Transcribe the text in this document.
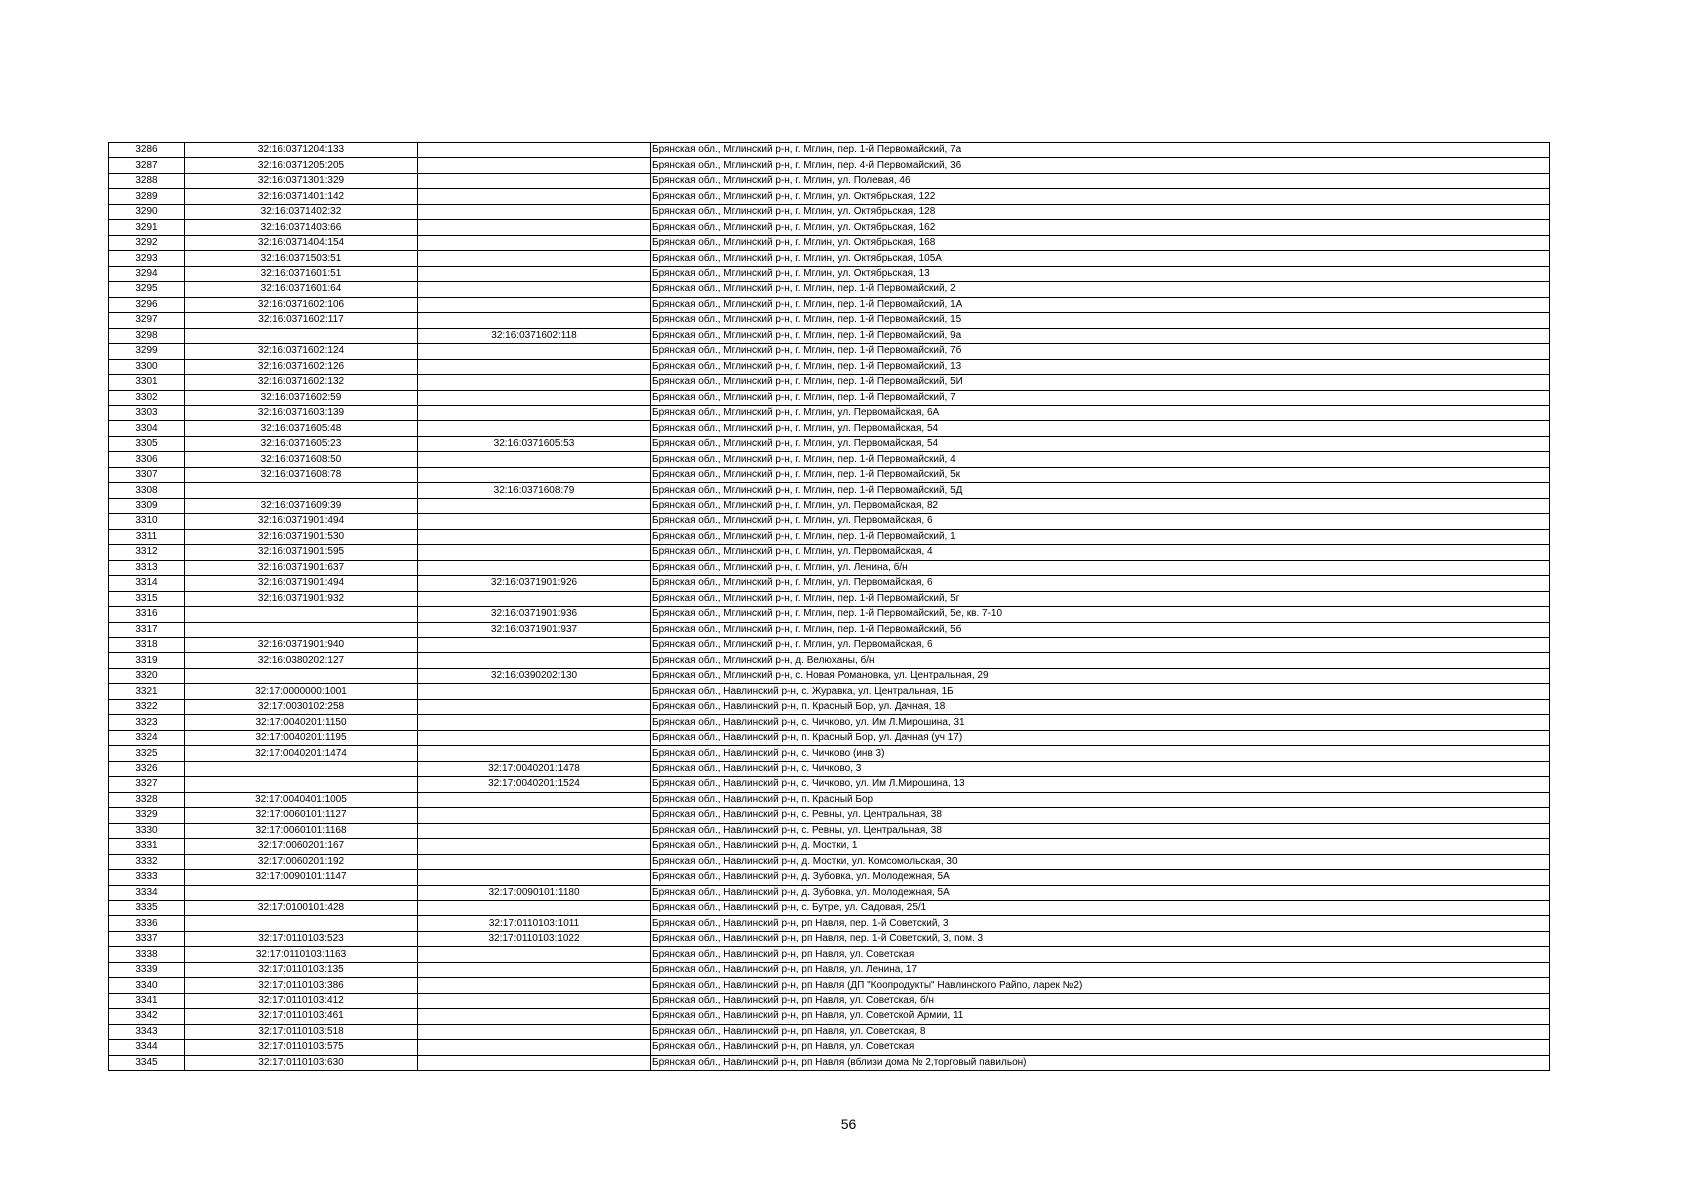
3286	32:16:0371204:133		Брянская обл., Мглинский р-н, г. Мглин, пер. 1-й Первомайский, 7а
3287	32:16:0371205:205		Брянская обл., Мглинский р-н, г. Мглин, пер. 4-й Первомайский, 36
3288	32:16:0371301:329		Брянская обл., Мглинский р-н, г. Мглин, ул. Полевая, 46
3289	32:16:0371401:142		Брянская обл., Мглинский р-н, г. Мглин, ул. Октябрьская, 122
3290	32:16:0371402:32		Брянская обл., Мглинский р-н, г. Мглин, ул. Октябрьская, 128
3291	32:16:0371403:66		Брянская обл., Мглинский р-н, г. Мглин, ул. Октябрьская, 162
3292	32:16:0371404:154		Брянская обл., Мглинский р-н, г. Мглин, ул. Октябрьская, 168
3293	32:16:0371503:51		Брянская обл., Мглинский р-н, г. Мглин, ул. Октябрьская, 105А
3294	32:16:0371601:51		Брянская обл., Мглинский р-н, г. Мглин, ул. Октябрьская, 13
3295	32:16:0371601:64		Брянская обл., Мглинский р-н, г. Мглин, пер. 1-й Первомайский, 2
3296	32:16:0371602:106		Брянская обл., Мглинский р-н, г. Мглин, пер. 1-й Первомайский, 1А
3297	32:16:0371602:117		Брянская обл., Мглинский р-н, г. Мглин, пер. 1-й Первомайский, 15
3298		32:16:0371602:118	Брянская обл., Мглинский р-н, г. Мглин, пер. 1-й Первомайский, 9а
3299	32:16:0371602:124		Брянская обл., Мглинский р-н, г. Мглин, пер. 1-й Первомайский, 7б
3300	32:16:0371602:126		Брянская обл., Мглинский р-н, г. Мглин, пер. 1-й Первомайский, 13
3301	32:16:0371602:132		Брянская обл., Мглинский р-н, г. Мглин, пер. 1-й Первомайский, 5И
3302	32:16:0371602:59		Брянская обл., Мглинский р-н, г. Мглин, пер. 1-й Первомайский, 7
3303	32:16:0371603:139		Брянская обл., Мглинский р-н, г. Мглин, ул. Первомайская, 6А
3304	32:16:0371605:48		Брянская обл., Мглинский р-н, г. Мглин, ул. Первомайская, 54
3305	32:16:0371605:23	32:16:0371605:53	Брянская обл., Мглинский р-н, г. Мглин, ул. Первомайская, 54
3306	32:16:0371608:50		Брянская обл., Мглинский р-н, г. Мглин, пер. 1-й Первомайский, 4
3307	32:16:0371608:78		Брянская обл., Мглинский р-н, г. Мглин, пер. 1-й Первомайский, 5к
3308		32:16:0371608:79	Брянская обл., Мглинский р-н, г. Мглин, пер. 1-й Первомайский, 5Д
3309	32:16:0371609:39		Брянская обл., Мглинский р-н, г. Мглин, ул. Первомайская, 82
3310	32:16:0371901:494		Брянская обл., Мглинский р-н, г. Мглин, ул. Первомайская, 6
3311	32:16:0371901:530		Брянская обл., Мглинский р-н, г. Мглин, пер. 1-й Первомайский, 1
3312	32:16:0371901:595		Брянская обл., Мглинский р-н, г. Мглин, ул. Первомайская, 4
3313	32:16:0371901:637		Брянская обл., Мглинский р-н, г. Мглин, ул. Ленина, б/н
3314	32:16:0371901:494	32:16:0371901:926	Брянская обл., Мглинский р-н, г. Мглин, ул. Первомайская, 6
3315	32:16:0371901:932		Брянская обл., Мглинский р-н, г. Мглин, пер. 1-й Первомайский, 5г
3316		32:16:0371901:936	Брянская обл., Мглинский р-н, г. Мглин, пер. 1-й Первомайский, 5е, кв. 7-10
3317		32:16:0371901:937	Брянская обл., Мглинский р-н, г. Мглин, пер. 1-й Первомайский, 5б
3318	32:16:0371901:940		Брянская обл., Мглинский р-н, г. Мглин, ул. Первомайская, 6
3319	32:16:0380202:127		Брянская обл., Мглинский р-н, д. Велюханы, б/н
3320		32:16:0390202:130	Брянская обл., Мглинский р-н, с. Новая Романовка, ул. Центральная, 29
3321	32:17:0000000:1001		Брянская обл., Навлинский р-н, с. Журавка, ул. Центральная, 1Б
3322	32:17:0030102:258		Брянская обл., Навлинский р-н, п. Красный Бор, ул. Дачная, 18
3323	32:17:0040201:1150		Брянская обл., Навлинский р-н, с. Чичково, ул. Им Л.Мирошина, 31
3324	32:17:0040201:1195		Брянская обл., Навлинский р-н, п. Красный Бор, ул. Дачная (уч 17)
3325	32:17:0040201:1474		Брянская обл., Навлинский р-н, с. Чичково (инв 3)
3326		32:17:0040201:1478	Брянская обл., Навлинский р-н, с. Чичково, 3
3327		32:17:0040201:1524	Брянская обл., Навлинский р-н, с. Чичково, ул. Им Л.Мирошина, 13
3328	32:17:0040401:1005		Брянская обл., Навлинский р-н, п. Красный Бор
3329	32:17:0060101:1127		Брянская обл., Навлинский р-н, с. Ревны, ул. Центральная, 38
3330	32:17:0060101:1168		Брянская обл., Навлинский р-н, с. Ревны, ул. Центральная, 38
3331	32:17:0060201:167		Брянская обл., Навлинский р-н, д. Мостки, 1
3332	32:17:0060201:192		Брянская обл., Навлинский р-н, д. Мостки, ул. Комсомольская, 30
3333	32:17:0090101:1147		Брянская обл., Навлинский р-н, д. Зубовка, ул. Молодежная, 5А
3334		32:17:0090101:1180	Брянская обл., Навлинский р-н, д. Зубовка, ул. Молодежная, 5А
3335	32:17:0100101:428		Брянская обл., Навлинский р-н, с. Бутре, ул. Садовая, 25/1
3336		32:17:0110103:1011	Брянская обл., Навлинский р-н, рп Навля, пер. 1-й Советский, 3
3337	32:17:0110103:523	32:17:0110103:1022	Брянская обл., Навлинский р-н, рп Навля, пер. 1-й Советский, 3, пом. 3
3338	32:17:0110103:1163		Брянская обл., Навлинский р-н, рп Навля, ул. Советская
3339	32:17:0110103:135		Брянская обл., Навлинский р-н, рп Навля, ул. Ленина, 17
3340	32:17:0110103:386		Брянская обл., Навлинский р-н, рп Навля (ДП "Коопродукты" Навлинского Райпо, ларек №2)
3341	32:17:0110103:412		Брянская обл., Навлинский р-н, рп Навля, ул. Советская, б/н
3342	32:17:0110103:461		Брянская обл., Навлинский р-н, рп Навля, ул. Советской Армии, 11
3343	32:17:0110103:518		Брянская обл., Навлинский р-н, рп Навля, ул. Советская, 8
3344	32:17:0110103:575		Брянская обл., Навлинский р-н, рп Навля, ул. Советская
3345	32:17:0110103:630		Брянская обл., Навлинский р-н, рп Навля (вблизи дома № 2,торговый павильон)
56
